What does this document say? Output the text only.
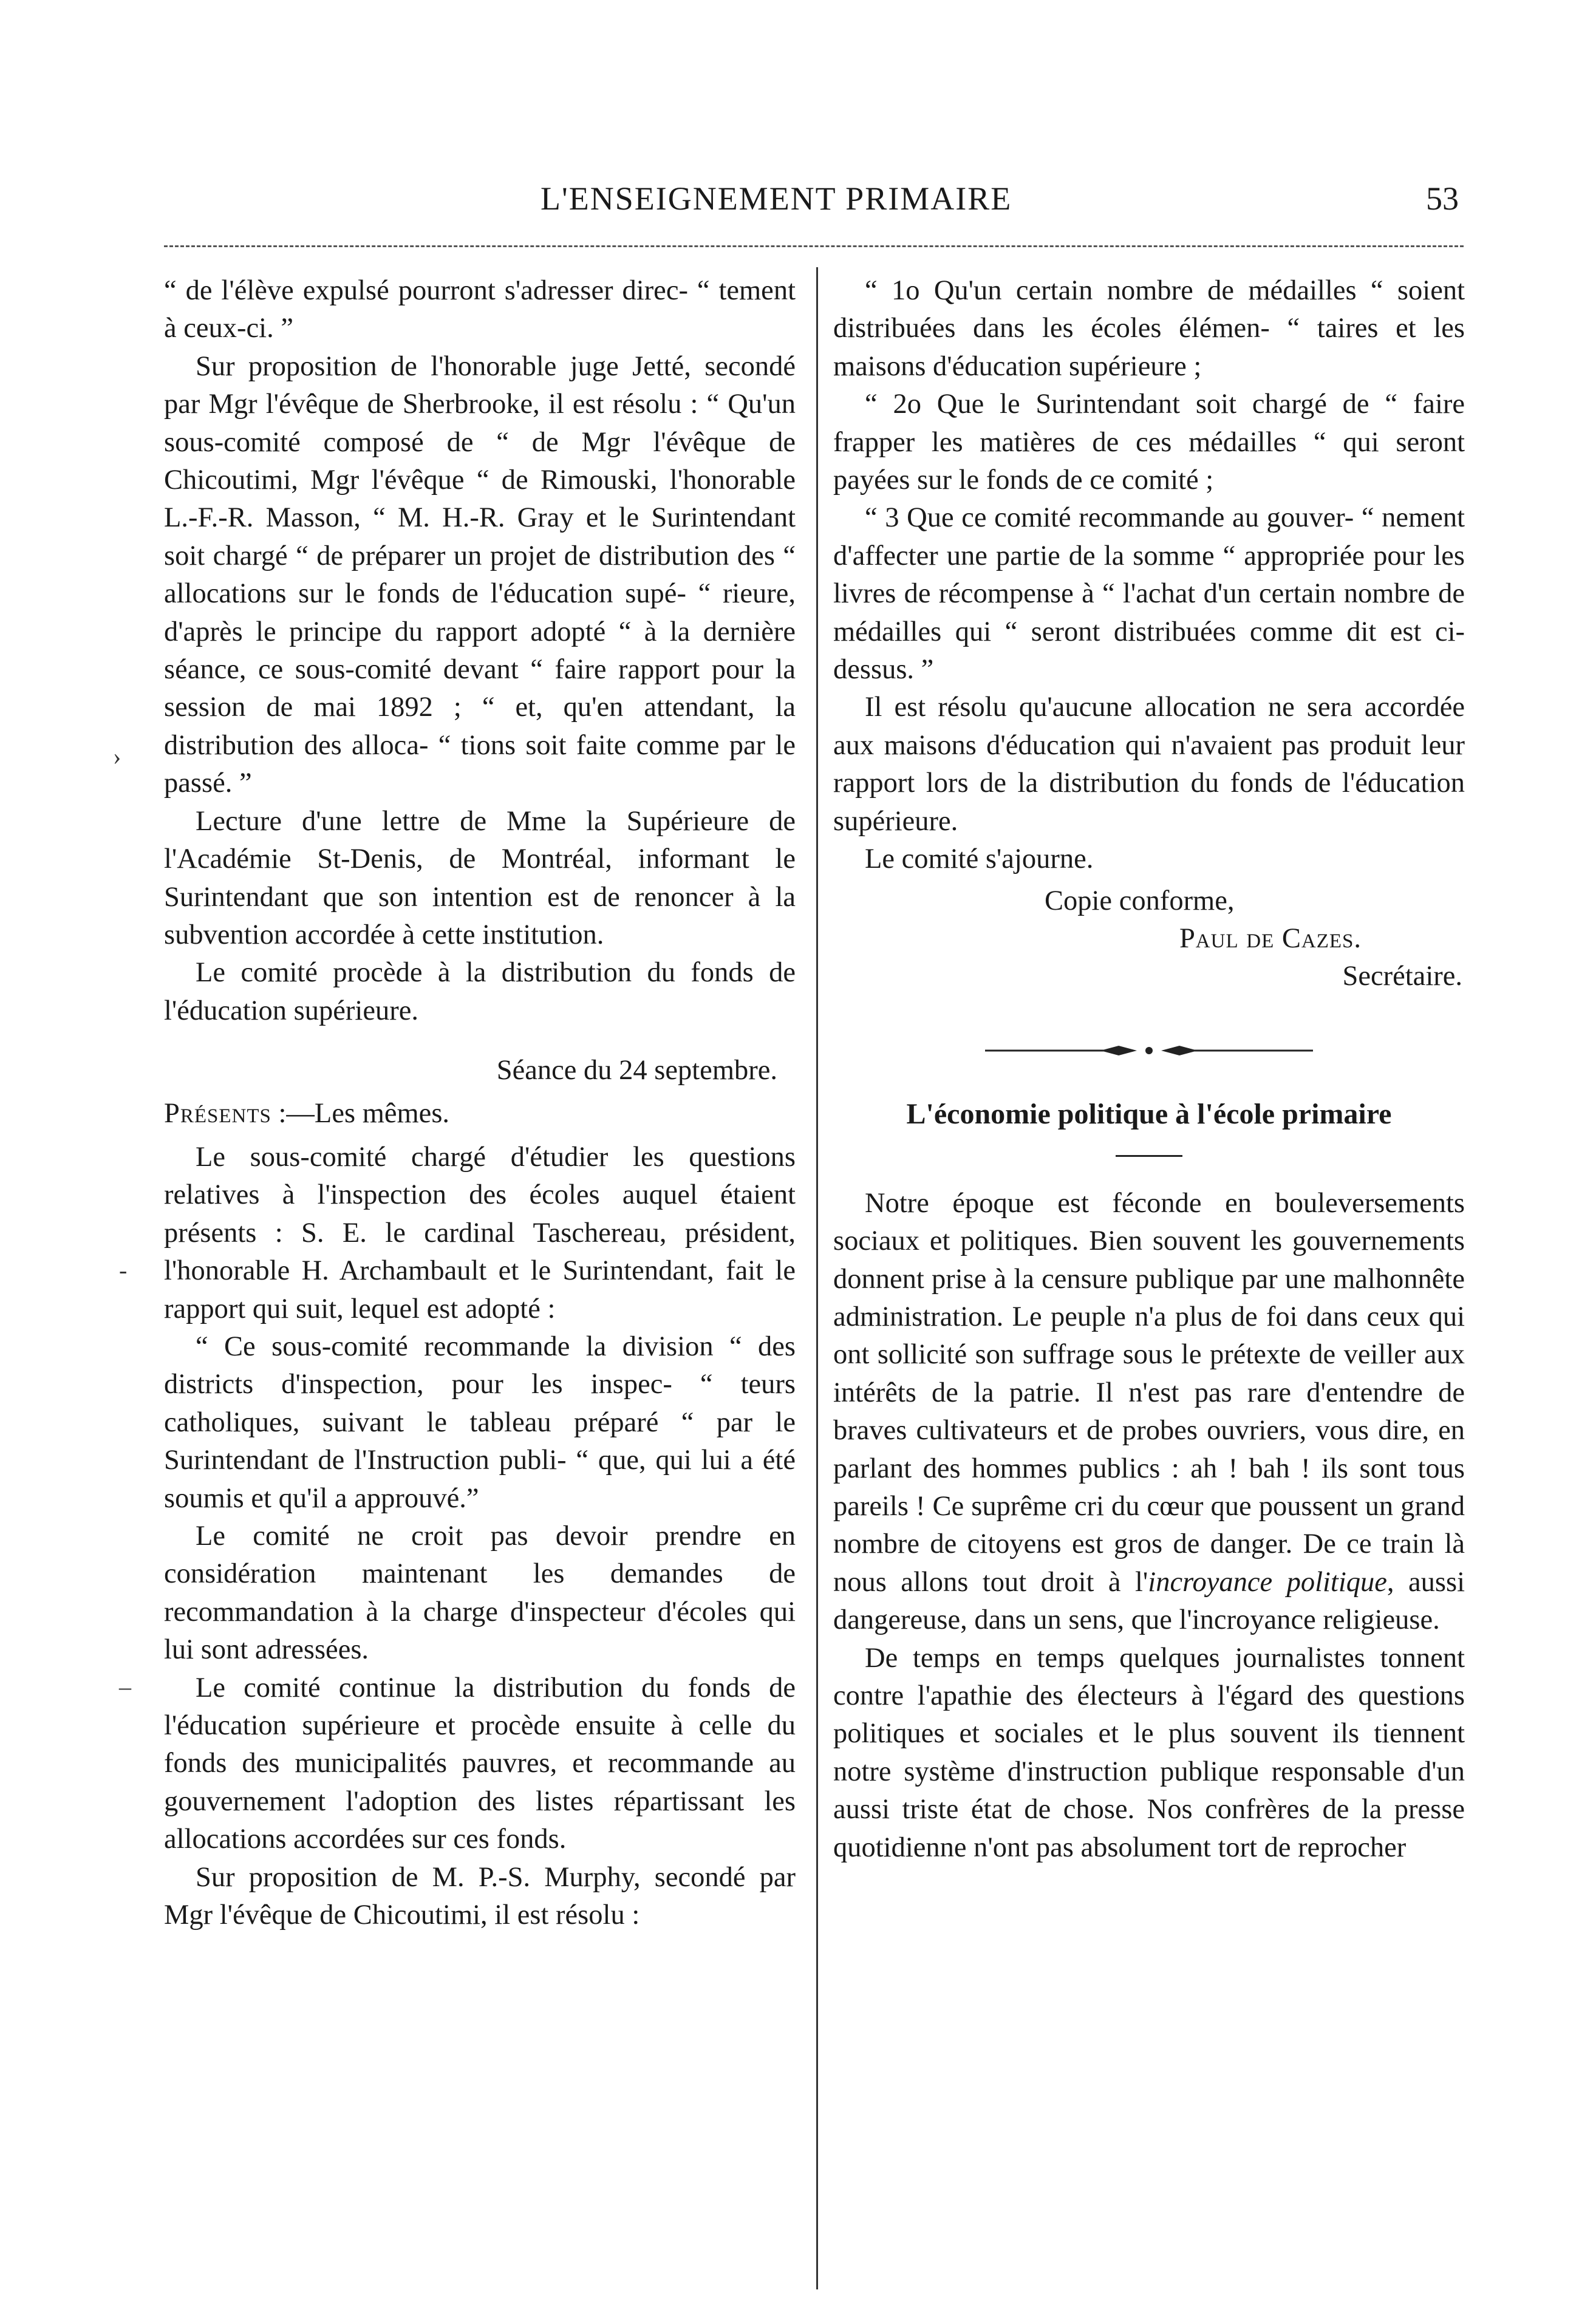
L'ENSEIGNEMENT PRIMAIRE	53
›
-
–

“ de l'élève expulsé pourront s'adresser direc- “ tement à ceux-ci. ”

Sur proposition de l'honorable juge Jetté, secondé par Mgr l'évêque de Sherbrooke, il est résolu : “ Qu'un sous-comité composé de “ de Mgr l'évêque de Chicoutimi, Mgr l'évêque “ de Rimouski, l'honorable L.-F.-R. Masson, “ M. H.-R. Gray et le Surintendant soit chargé “ de préparer un projet de distribution des “ allocations sur le fonds de l'éducation supé- “ rieure, d'après le principe du rapport adopté “ à la dernière séance, ce sous-comité devant “ faire rapport pour la session de mai 1892 ; “ et, qu'en attendant, la distribution des alloca- “ tions soit faite comme par le passé. ”

Lecture d'une lettre de Mme la Supérieure de l'Académie St-Denis, de Montréal, informant le Surintendant que son intention est de renoncer à la subvention accordée à cette institution.

Le comité procède à la distribution du fonds de l'éducation supérieure.

Séance du 24 septembre.

Présents :—Les mêmes.

Le sous-comité chargé d'étudier les questions relatives à l'inspection des écoles auquel étaient présents : S. E. le cardinal Taschereau, président, l'honorable H. Archambault et le Surintendant, fait le rapport qui suit, lequel est adopté :

“ Ce sous-comité recommande la division “ des districts d'inspection, pour les inspec- “ teurs catholiques, suivant le tableau préparé “ par le Surintendant de l'Instruction publi- “ que, qui lui a été soumis et qu'il a approuvé.”

Le comité ne croit pas devoir prendre en considération maintenant les demandes de recommandation à la charge d'inspecteur d'écoles qui lui sont adressées.

Le comité continue la distribution du fonds de l'éducation supérieure et procède ensuite à celle du fonds des municipalités pauvres, et recommande au gouvernement l'adoption des listes répartissant les allocations accordées sur ces fonds.

Sur proposition de M. P.-S. Murphy, secondé par Mgr l'évêque de Chicoutimi, il est résolu :

“ 1o Qu'un certain nombre de médailles “ soient distribuées dans les écoles élémen- “ taires et les maisons d'éducation supérieure ;

“ 2o Que le Surintendant soit chargé de “ faire frapper les matières de ces médailles “ qui seront payées sur le fonds de ce comité ;

“ 3 Que ce comité recommande au gouver- “ nement d'affecter une partie de la somme “ appropriée pour les livres de récompense à “ l'achat d'un certain nombre de médailles qui “ seront distribuées comme dit est ci-dessus. ”

Il est résolu qu'aucune allocation ne sera accordée aux maisons d'éducation qui n'avaient pas produit leur rapport lors de la distribution du fonds de l'éducation supérieure.

Le comité s'ajourne.

Copie conforme,

Paul de Cazes.

Secrétaire.

L'économie politique à l'école primaire

Notre époque est féconde en bouleversements sociaux et politiques. Bien souvent les gouvernements donnent prise à la censure publique par une malhonnête administration. Le peuple n'a plus de foi dans ceux qui ont sollicité son suffrage sous le prétexte de veiller aux intérêts de la patrie. Il n'est pas rare d'entendre de braves cultivateurs et de probes ouvriers, vous dire, en parlant des hommes publics : ah ! bah ! ils sont tous pareils ! Ce suprême cri du cœur que poussent un grand nombre de citoyens est gros de danger. De ce train là nous allons tout droit à l'incroyance politique, aussi dangereuse, dans un sens, que l'incroyance religieuse.

De temps en temps quelques journalistes tonnent contre l'apathie des électeurs à l'égard des questions politiques et sociales et le plus souvent ils tiennent notre système d'instruction publique responsable d'un aussi triste état de chose. Nos confrères de la presse quotidienne n'ont pas absolument tort de reprocher
